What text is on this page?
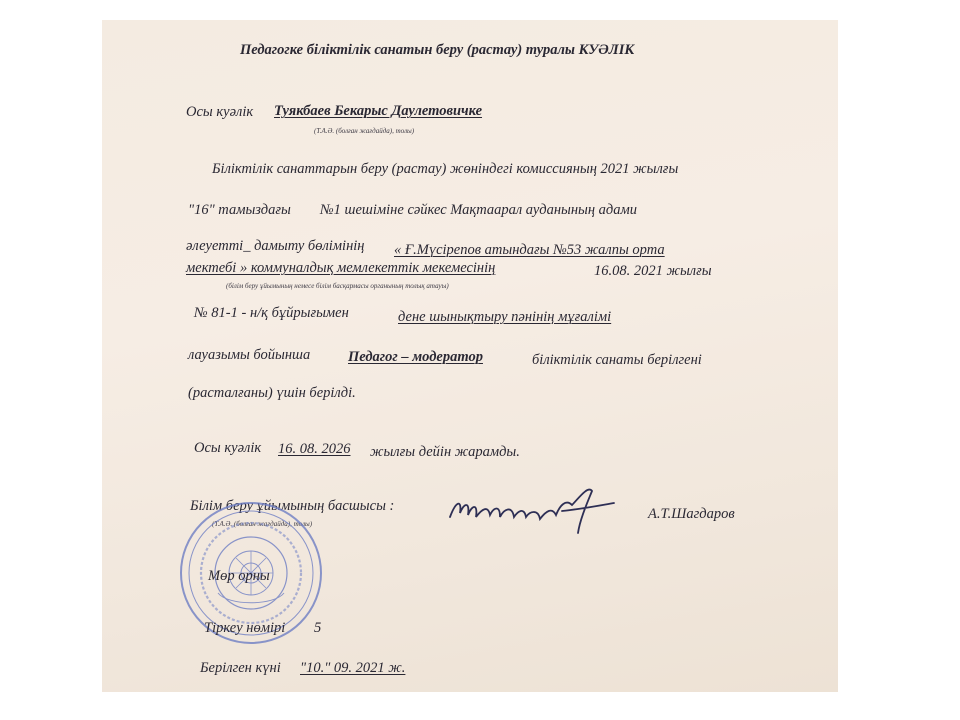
Педагогке біліктілік санатын беру (растау) туралы КУӘЛІК
Осы куәлік Туякбаев Бекарыс Даулетовичке
(Т.А.Ә. (болған жағдайда), толы)
Біліктілік санаттарын беру (растау) жөніндегі комиссияның 2021 жылғы
"16" тамыздағы №1 шешіміне сәйкес Мақтаарал ауданының адами
әлеуетті_ дамыту бөлімінің « Ғ.Мүсірепов атындағы №53 жалпы орта
мектебі » коммуналдық мемлекеттік мекемесінің	16.08. 2021 жылғы
(білім беру ұйымының немесе білім басқармасы органының толық атауы)
№ 81-1 - н/қ бұйрығымен	дене шынықтыру пәнінің мұғалімі
лауазымы бойынша	Педагог – модератор	біліктілік санаты берілгені
(расталғаны) үшін берілді.
Осы куәлік 16. 08. 2026 жылғы дейін жарамды.
Білім беру ұйымының басшысы :
(Т.А.Ә. (болған жағдайда), толы)
А.Т.Шагдаров
Мөр орны
Тіркеу нөмірі 5
Берілген күні "10." 09. 2021 ж.
